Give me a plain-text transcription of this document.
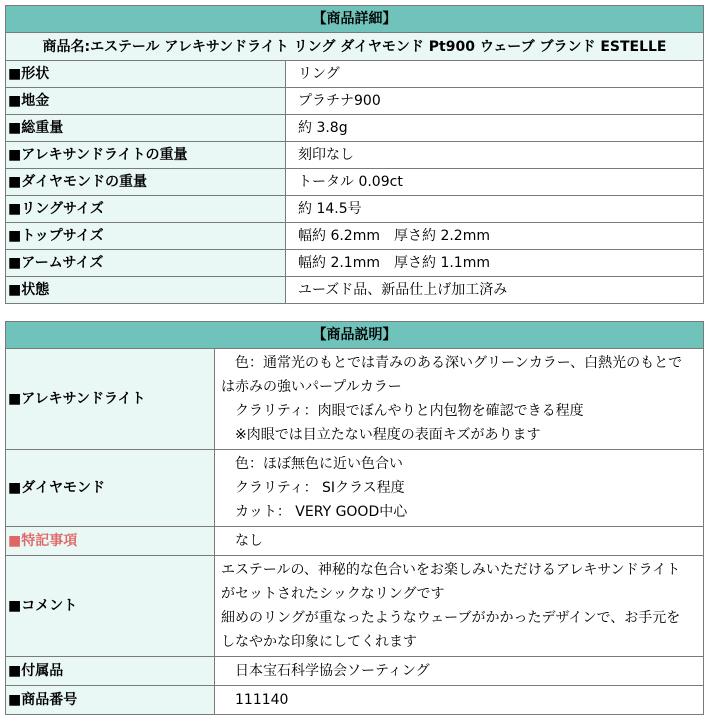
【商品詳細】	
商品名:エステール アレキサンドライト リング ダイヤモンド Pt900 ウェーブ ブランド ESTELLE	
■形状	リング
■地金	プラチナ900
■総重量	約 3.8g
■アレキサンドライトの重量	刻印なし
■ダイヤモンドの重量	トータル 0.09ct
■リングサイズ	約 14.5号
■トップサイズ	幅約 6.2mm　厚さ約 2.2mm
■アームサイズ	幅約 2.1mm　厚さ約 1.1mm
■状態	ユーズド品、新品仕上げ加工済み
【商品説明】	
■アレキサンドライト	　色：通常光のもとでは青みのある深いグリーンカラー、白熱光のもとで
は赤みの強いパープルカラー
　クラリティ：肉眼でぼんやりと内包物を確認できる程度
　※肉眼では目立たない程度の表面キズがあります

■ダイヤモンド	　色：ほぼ無色に近い色合い
　クラリティ： SIクラス程度
　カット： VERY GOOD中心

■特記事項	　なし

■コメント	エステールの、神秘的な色合いをお楽しみいただけるアレキサンドライト
がセットされたシックなリングです
細めのリングが重なったようなウェーブがかかったデザインで、お手元を
しなやかな印象にしてくれます

■付属品	　日本宝石科学協会ソーティング

■商品番号	　111140
